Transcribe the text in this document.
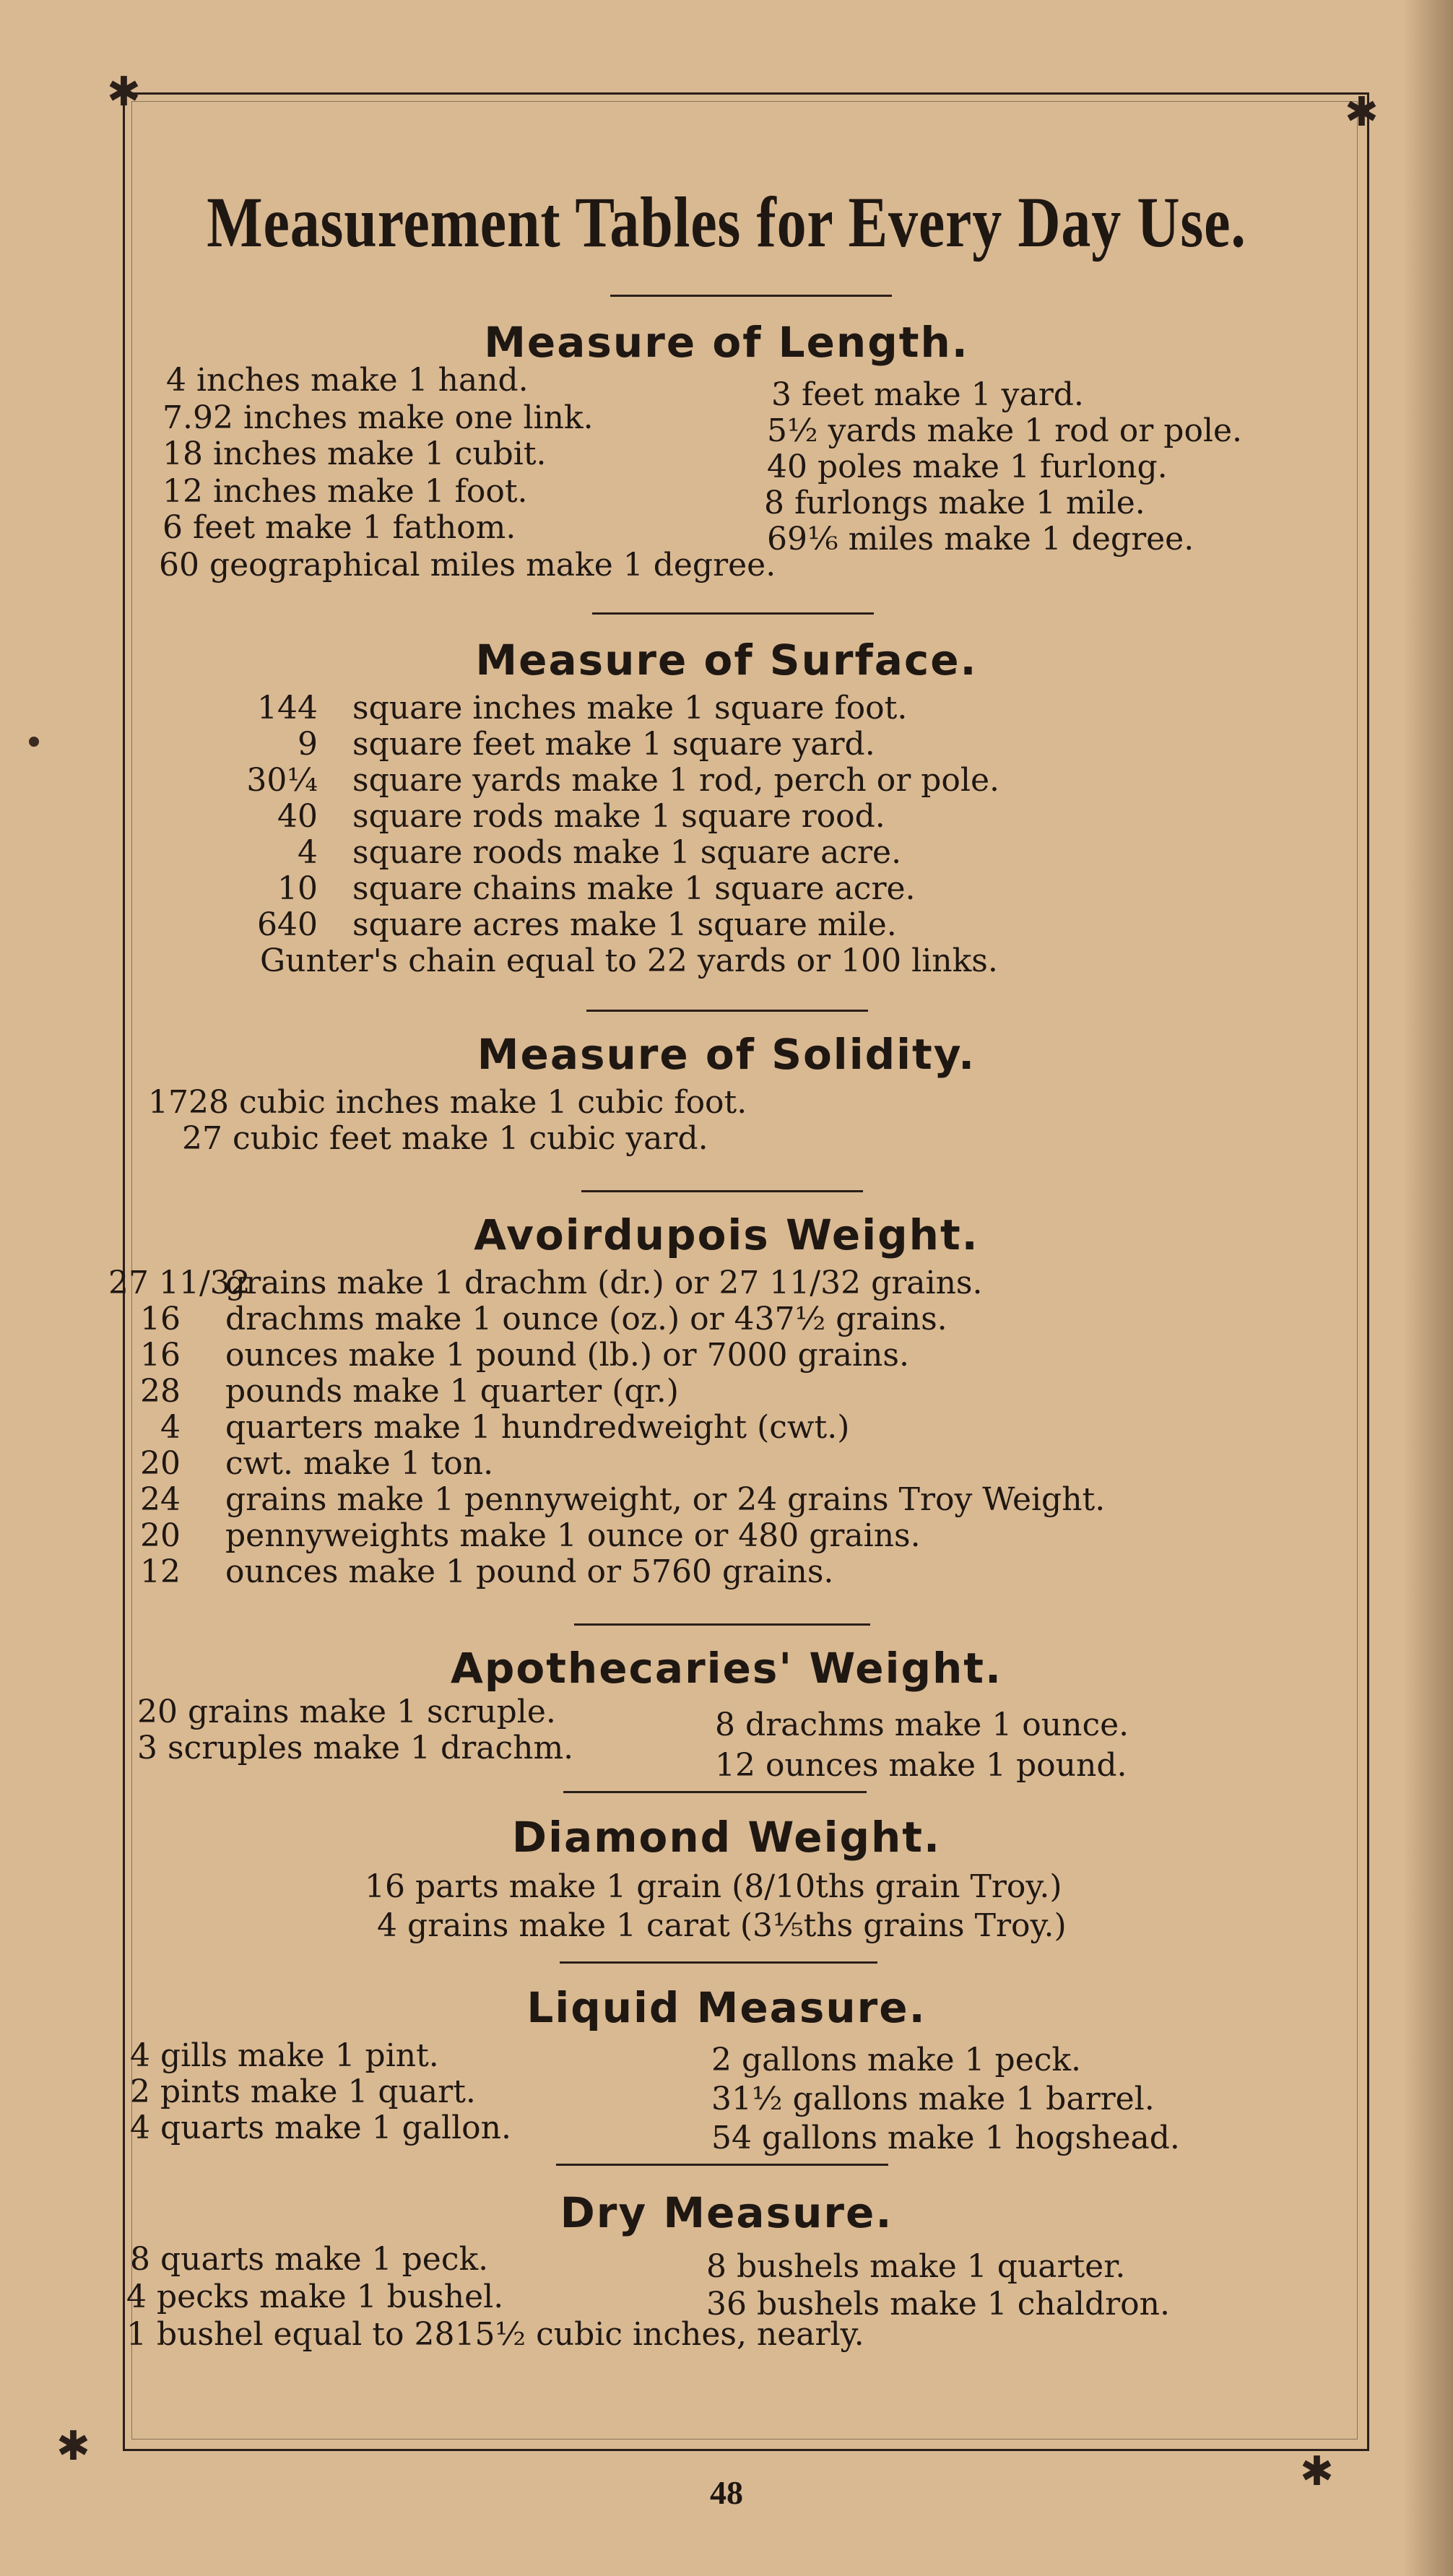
✱	✱
✱
✱
Measurement Tables for Every Day Use.
Measure of Length.
4 inches make 1 hand.
7.92 inches make one link.
18 inches make 1 cubit.
12 inches make 1 foot.
6 feet make 1 fathom.
60 geographical miles make 1 degree.
3 feet make 1 yard.
5½ yards make 1 rod or pole.
40 poles make 1 furlong.
8 furlongs make 1 mile.
69⅙ miles make 1 degree.
Measure of Surface.
144 square inches make 1 square foot.
9 square feet make 1 square yard.
30¼ square yards make 1 rod, perch or pole.
40 square rods make 1 square rood.
4 square roods make 1 square acre.
10 square chains make 1 square acre.
640 square acres make 1 square mile.
Gunter's chain equal to 22 yards or 100 links.
Measure of Solidity.
1728 cubic inches make 1 cubic foot.
27 cubic feet make 1 cubic yard.
Avoirdupois Weight.
27 11/32
grains make 1 drachm (dr.) or 27 11/32 grains.
16 drachms make 1 ounce (oz.) or 437½ grains.
16 ounces make 1 pound (lb.) or 7000 grains.
28 pounds make 1 quarter (qr.)
4 quarters make 1 hundredweight (cwt.)
20 cwt. make 1 ton.
24 grains make 1 pennyweight, or 24 grains Troy Weight.
20 pennyweights make 1 ounce or 480 grains.
12 ounces make 1 pound or 5760 grains.
Apothecaries' Weight.
20 grains make 1 scruple.
3 scruples make 1 drachm.
8 drachms make 1 ounce.
12 ounces make 1 pound.
Diamond Weight.
16 parts make 1 grain (8/10ths grain Troy.)
4 grains make 1 carat (3⅕ths grains Troy.)
Liquid Measure.
4 gills make 1 pint.
2 pints make 1 quart.
4 quarts make 1 gallon.
2 gallons make 1 peck.
31½ gallons make 1 barrel.
54 gallons make 1 hogshead.
Dry Measure.
8 quarts make 1 peck.
4 pecks make 1 bushel.
8 bushels make 1 quarter.
36 bushels make 1 chaldron.
1 bushel equal to 2815½ cubic inches, nearly.
48
